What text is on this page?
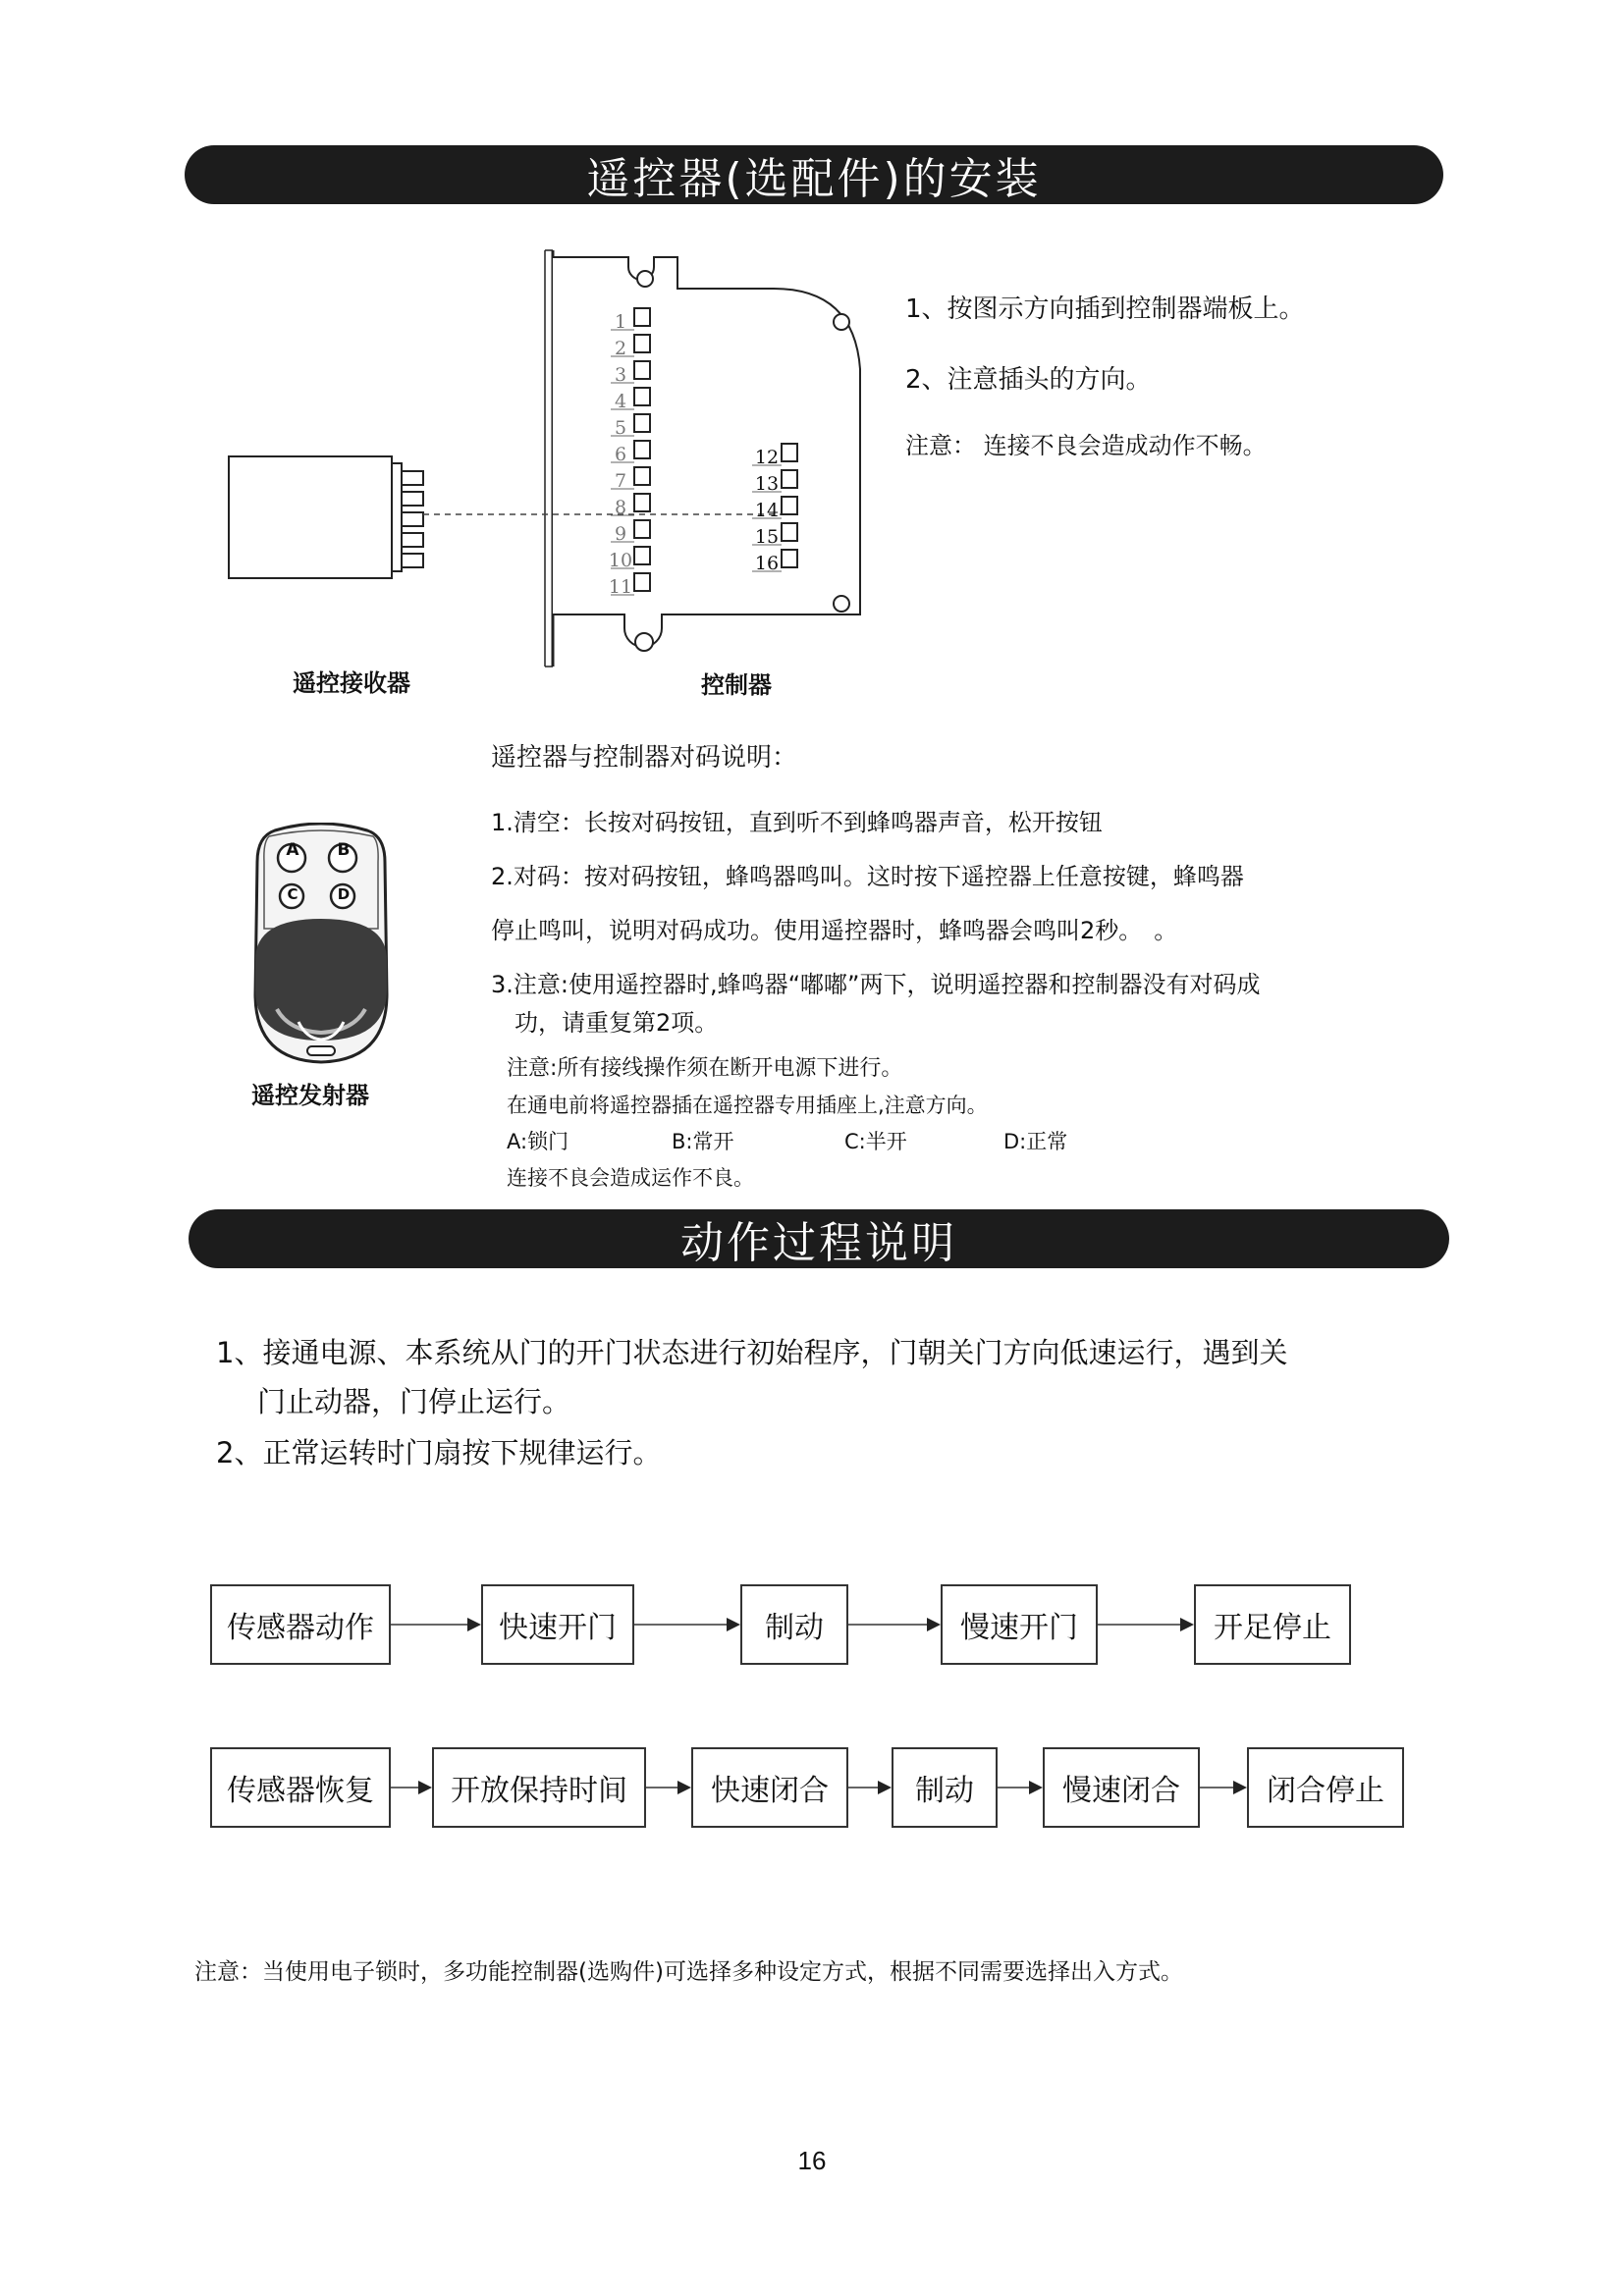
遥控器(选配件)的安装
1
2
3
4
5
6
7
8
9
10
11
12
13
14
15
16
遥控接收器	控制器
1、按图示方向插到控制器端板上。
2、注意插头的方向。
注意： 连接不良会造成动作不畅。
A B
C	D
遥控发射器
遥控器与控制器对码说明：
1.清空：长按对码按钮，直到听不到蜂鸣器声音，松开按钮
2.对码：按对码按钮，蜂鸣器鸣叫。这时按下遥控器上任意按键，蜂鸣器
停止鸣叫，说明对码成功。使用遥控器时，蜂鸣器会鸣叫2秒。　。
3.注意:使用遥控器时,蜂鸣器“嘟嘟”两下，说明遥控器和控制器没有对码成
功，请重复第2项。
注意:所有接线操作须在断开电源下进行。
在通电前将遥控器插在遥控器专用插座上,注意方向。
A:锁门	B:常开	C:半开	D:正常
连接不良会造成运作不良。
动作过程说明
1、接通电源、本系统从门的开门状态进行初始程序，门朝关门方向低速运行，遇到关
门止动器，门停止运行。
2、正常运转时门扇按下规律运行。
传感器动作	快速开门	制动	慢速开门	开足停止
传感器恢复	开放保持时间	快速闭合	制动	慢速闭合	闭合停止
注意：当使用电子锁时，多功能控制器(选购件)可选择多种设定方式，根据不同需要选择出入方式。
16
